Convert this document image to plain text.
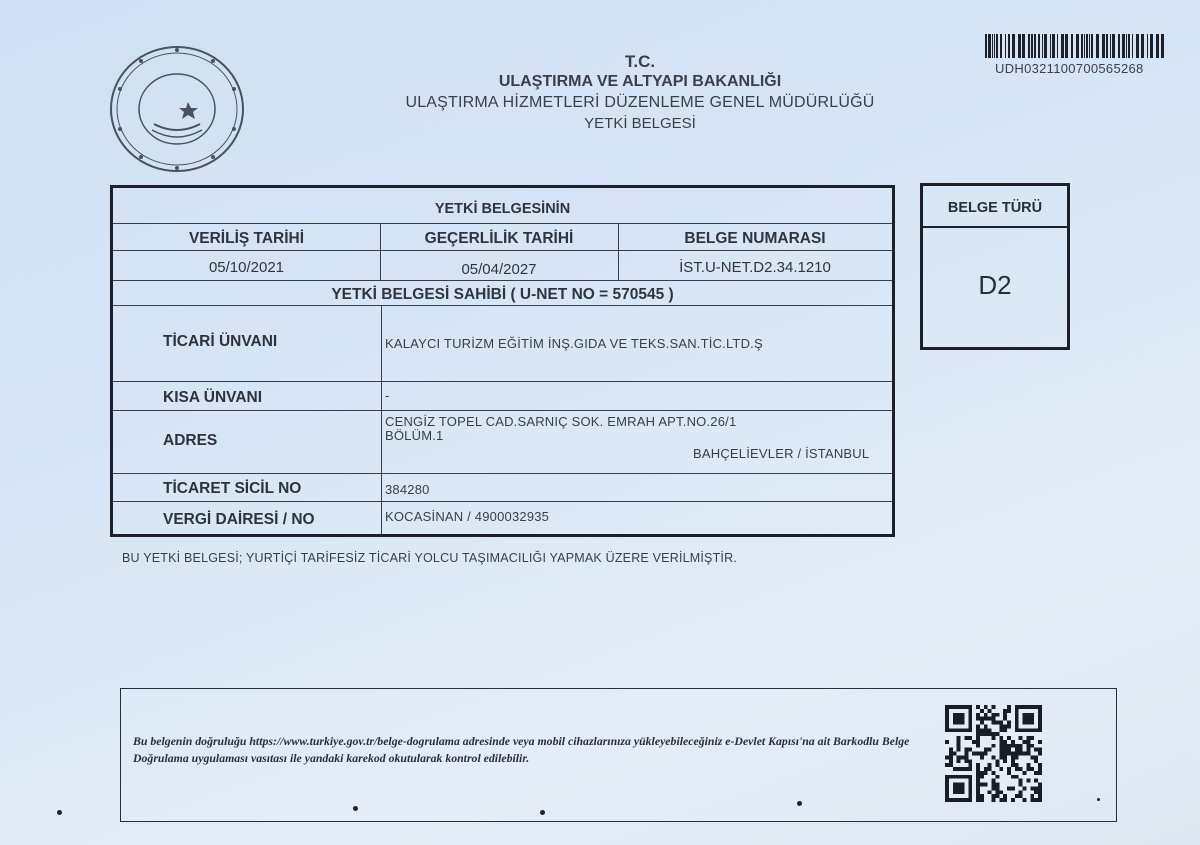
T.C.
ULAŞTIRMA VE ALTYAPI BAKANLIĞI
ULAŞTIRMA HİZMETLERİ DÜZENLEME GENEL MÜDÜRLÜĞÜ
YETKİ BELGESİ
UDH0321100700565268
YETKİ BELGESİNİN
VERİLİŞ TARİHİ	GEÇERLİLİK TARİHİ	BELGE NUMARASI
05/10/2021	05/04/2027	İST.U-NET.D2.34.1210
YETKİ BELGESİ SAHİBİ ( U-NET NO = 570545 )
TİCARİ ÜNVANI	KALAYCI TURİZM EĞİTİM İNŞ.GIDA VE TEKS.SAN.TİC.LTD.Ş
KISA ÜNVANI	-
ADRES
CENGİZ TOPEL CAD.SARNIÇ SOK. EMRAH APT.NO.26/1
BÖLÜM.1
BAHÇELİEVLER / İSTANBUL
TİCARET SİCİL NO	384280
VERGİ DAİRESİ / NO	KOCASİNAN / 4900032935
BELGE TÜRÜ
D2
BU YETKİ BELGESİ; YURTİÇİ TARİFESİZ TİCARİ YOLCU TAŞIMACILIĞI YAPMAK ÜZERE VERİLMİŞTİR.
Bu belgenin doğruluğu https://www.turkiye.gov.tr/belge-dogrulama adresinde veya mobil cihazlarınıza yükleyebileceğiniz e-Devlet Kapısı'na ait Barkodlu Belge Doğrulama uygulaması vasıtası ile yandaki karekod okutularak kontrol edilebilir.
